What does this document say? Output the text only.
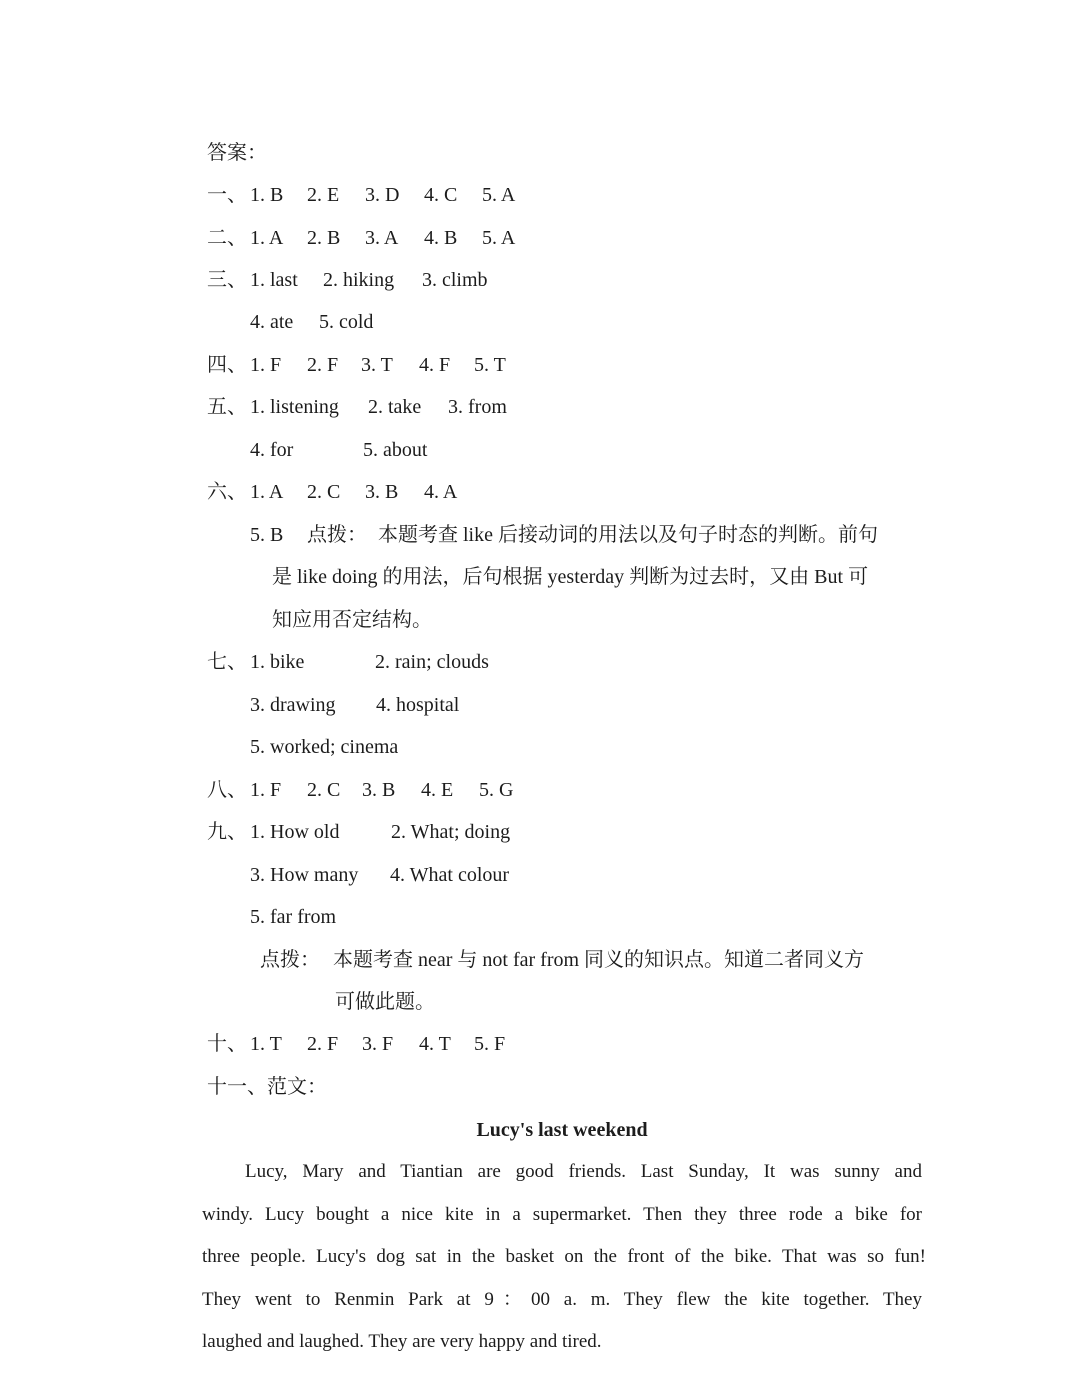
答案：
一、 1. B 2. E 3. D 4. C 5. A
二、 1. A 2. B 3. A 4. B 5. A
三、 1. last 2. hiking 3. climb
4. ate 5. cold
四、 1. F 2. F 3. T 4. F 5. T
五、 1. listening 2. take 3. from
4. for	5. about
六、 1. A 2. C 3. B 4. A
5. B 点拨： 本题考查 like 后接动词的用法以及句子时态的判断。前句
是 like doing 的用法，后句根据 yesterday 判断为过去时，又由 But 可
知应用否定结构。
七、 1. bike	2. rain; clouds
3. drawing 4. hospital
5. worked; cinema
八、 1. F 2. C 3. B 4. E 5. G
九、 1. How old	2. What; doing
3. How many 4. What colour
5. far from
点拨： 本题考查 near 与 not far from 同义的知识点。知道二者同义方
可做此题。
十、 1. T 2. F 3. F 4. T 5. F
十一、范文：
Lucy's last weekend
Lucy, Mary and Tiantian are good friends. Last Sunday, It was sunny and
windy. Lucy bought a nice kite in a supermarket. Then they three rode a bike for
three people. Lucy's dog sat in the basket on the front of the bike. That was so fun!
They went to Renmin Park at 9：00 a. m. They flew the kite together. They
laughed and laughed. They are very happy and tired.
